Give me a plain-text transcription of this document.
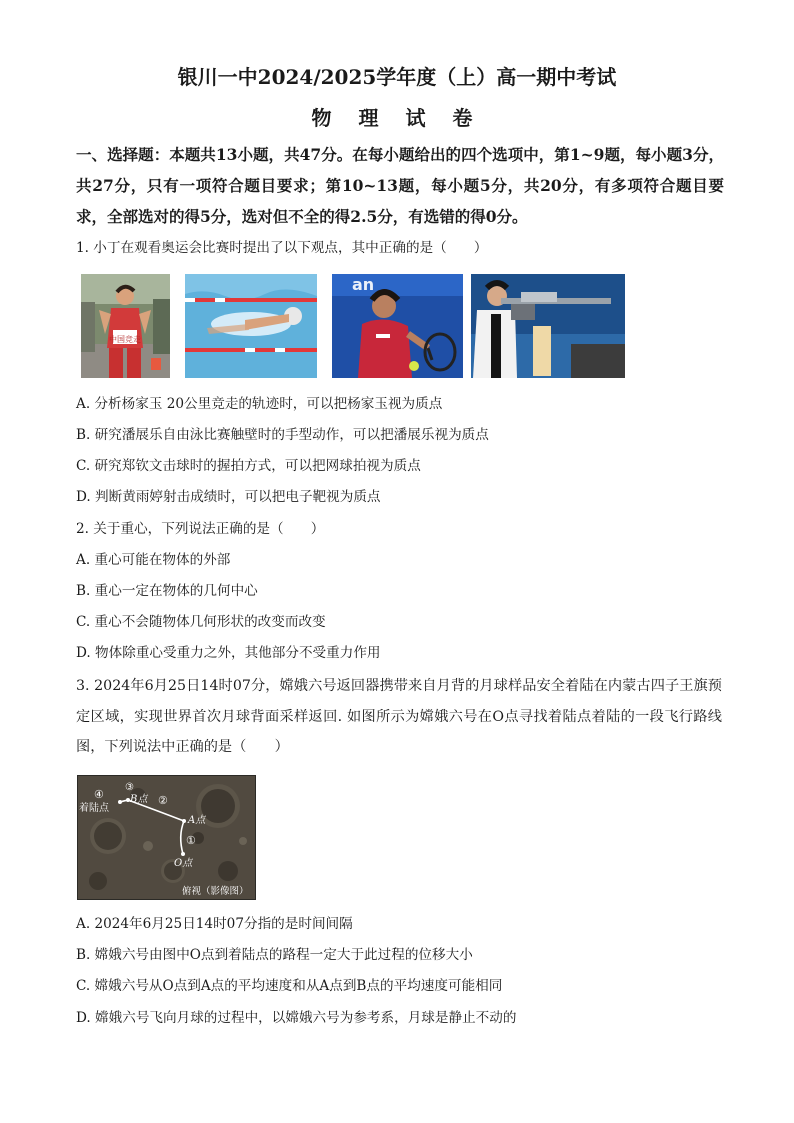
银川一中2024/2025学年度（上）高一期中考试
物 理 试 卷
一、选择题：本题共13小题，共47分。在每小题给出的四个选项中，第1~9题，每小题3分，共27分，只有一项符合题目要求；第10~13题，每小题5分，共20分，有多项符合题目要求，全部选对的得5分，选对但不全的得2.5分，有选错的得0分。
1. 小丁在观看奥运会比赛时提出了以下观点，其中正确的是（　　）
中国竞走
an
A. 分析杨家玉 20公里竞走的轨迹时，可以把杨家玉视为质点
B. 研究潘展乐自由泳比赛触壁时的手型动作，可以把潘展乐视为质点
C. 研究郑钦文击球时的握拍方式，可以把网球拍视为质点
D. 判断黄雨婷射击成绩时，可以把电子靶视为质点
2. 关于重心，下列说法正确的是（　　）
A. 重心可能在物体的外部
B. 重心一定在物体的几何中心
C. 重心不会随物体几何形状的改变而改变
D. 物体除重心受重力之外，其他部分不受重力作用
3. 2024年6月25日14时07分，嫦娥六号返回器携带来自月背的月球样品安全着陆在内蒙古四子王旗预定区域，实现世界首次月球背面采样返回. 如图所示为嫦娥六号在O点寻找着陆点着陆的一段飞行路线图，下列说法中正确的是（　　）
④
③
B点 ②
着陆点
A点
①
O点
俯视（影像图）
A. 2024年6月25日14时07分指的是时间间隔
B. 嫦娥六号由图中O点到着陆点的路程一定大于此过程的位移大小
C. 嫦娥六号从O点到A点的平均速度和从A点到B点的平均速度可能相同
D. 嫦娥六号飞向月球的过程中，以嫦娥六号为参考系，月球是静止不动的
